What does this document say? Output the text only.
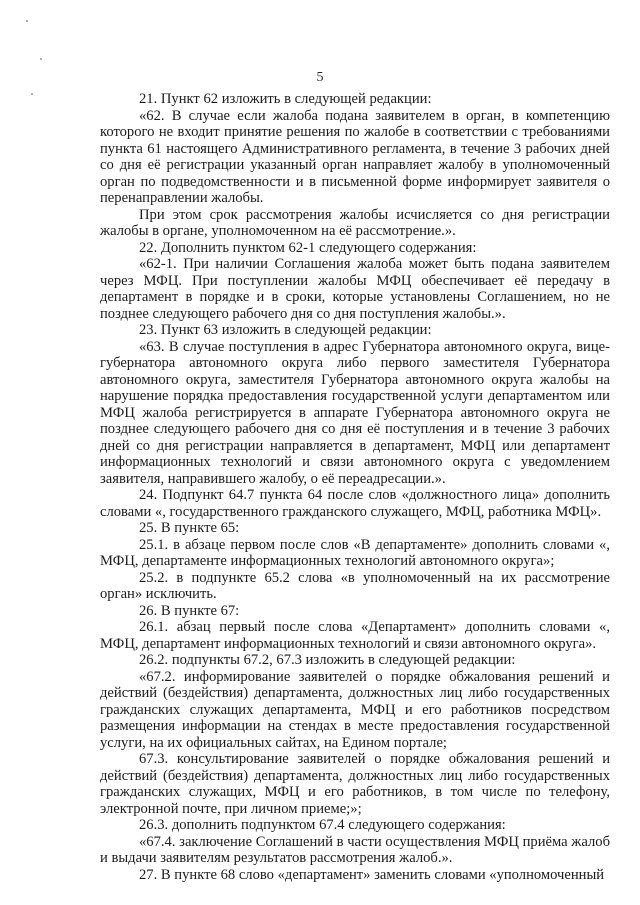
5

21. Пункт 62 изложить в следующей редакции:

«62. В случае если жалоба подана заявителем в орган, в компетенцию которого не входит принятие решения по жалобе в соответствии с требованиями пункта 61 настоящего Административного регламента, в течение 3 рабочих дней со дня её регистрации указанный орган направляет жалобу в уполномоченный орган по подведомственности и в письменной форме информирует заявителя о перенаправлении жалобы.

При этом срок рассмотрения жалобы исчисляется со дня регистрации жалобы в органе, уполномоченном на её рассмотрение.».

22. Дополнить пунктом 62-1 следующего содержания:

«62-1. При наличии Соглашения жалоба может быть подана заявителем через МФЦ. При поступлении жалобы МФЦ обеспечивает её передачу в департамент в порядке и в сроки, которые установлены Соглашением, но не позднее следующего рабочего дня со дня поступления жалобы.».

23. Пункт 63 изложить в следующей редакции:

«63. В случае поступления в адрес Губернатора автономного округа, вице-губернатора автономного округа либо первого заместителя Губернатора автономного округа, заместителя Губернатора автономного округа жалобы на нарушение порядка предоставления государственной услуги департаментом или МФЦ жалоба регистрируется в аппарате Губернатора автономного округа не позднее следующего рабочего дня со дня её поступления и в течение 3 рабочих дней со дня регистрации направляется в департамент, МФЦ или департамент информационных технологий и связи автономного округа с уведомлением заявителя, направившего жалобу, о её переадресации.».

24. Подпункт 64.7 пункта 64 после слов «должностного лица» дополнить словами «, государственного гражданского служащего, МФЦ, работника МФЦ».

25. В пункте 65:

25.1. в абзаце первом после слов «В департаменте» дополнить словами «, МФЦ, департаменте информационных технологий автономного округа»;

25.2. в подпункте 65.2 слова «в уполномоченный на их рассмотрение орган» исключить.

26. В пункте 67:

26.1. абзац первый после слова «Департамент» дополнить словами «, МФЦ, департамент информационных технологий и связи автономного округа».

26.2. подпункты 67.2, 67.3 изложить в следующей редакции:

«67.2. информирование заявителей о порядке обжалования решений и действий (бездействия) департамента, должностных лиц либо государственных гражданских служащих департамента, МФЦ и его работников посредством размещения информации на стендах в месте предоставления государственной услуги, на их официальных сайтах, на Едином портале;

67.3. консультирование заявителей о порядке обжалования решений и действий (бездействия) департамента, должностных лиц либо государственных гражданских служащих, МФЦ и его работников, в том числе по телефону, электронной почте, при личном приеме;»;

26.3. дополнить подпунктом 67.4 следующего содержания:

«67.4. заключение Соглашений в части осуществления МФЦ приёма жалоб и выдачи заявителям результатов рассмотрения жалоб.».

27. В пункте 68 слово «департамент» заменить словами «уполномоченный
